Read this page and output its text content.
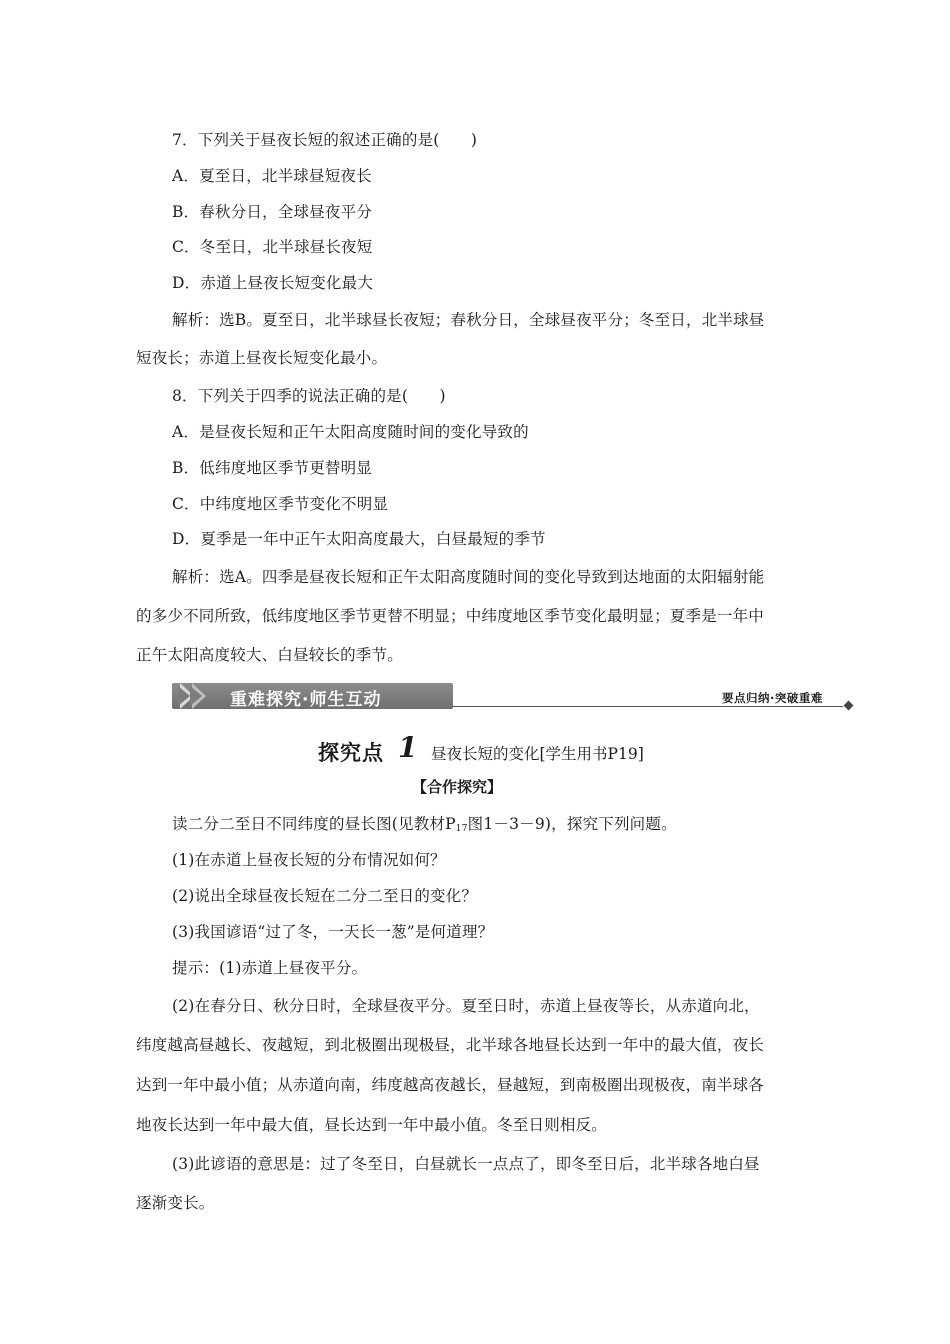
7．下列关于昼夜长短的叙述正确的是(　　)
A．夏至日，北半球昼短夜长
B．春秋分日，全球昼夜平分
C．冬至日，北半球昼长夜短
D．赤道上昼夜长短变化最大
解析：选B。夏至日，北半球昼长夜短；春秋分日，全球昼夜平分；冬至日，北半球昼
短夜长；赤道上昼夜长短变化最小。
8．下列关于四季的说法正确的是(　　)
A．是昼夜长短和正午太阳高度随时间的变化导致的
B．低纬度地区季节更替明显
C．中纬度地区季节变化不明显
D．夏季是一年中正午太阳高度最大，白昼最短的季节
解析：选A。四季是昼夜长短和正午太阳高度随时间的变化导致到达地面的太阳辐射能
的多少不同所致，低纬度地区季节更替不明显；中纬度地区季节变化最明显；夏季是一年中
正午太阳高度较大、白昼较长的季节。
重难探究·师生互动	要点归纳·突破重难
探究点 1 昼夜长短的变化[学生用书P19]
【合作探究】
读二分二至日不同纬度的昼长图(见教材$P_{17}$图1－3－9)，探究下列问题。
(1)在赤道上昼夜长短的分布情况如何？
(2)说出全球昼夜长短在二分二至日的变化？
(3)我国谚语“过了冬，一天长一葱”是何道理？
提示：(1)赤道上昼夜平分。
(2)在春分日、秋分日时，全球昼夜平分。夏至日时，赤道上昼夜等长，从赤道向北，
纬度越高昼越长、夜越短，到北极圈出现极昼，北半球各地昼长达到一年中的最大值，夜长
达到一年中最小值；从赤道向南，纬度越高夜越长，昼越短，到南极圈出现极夜，南半球各
地夜长达到一年中最大值，昼长达到一年中最小值。冬至日则相反。
(3)此谚语的意思是：过了冬至日，白昼就长一点点了，即冬至日后，北半球各地白昼
逐渐变长。
